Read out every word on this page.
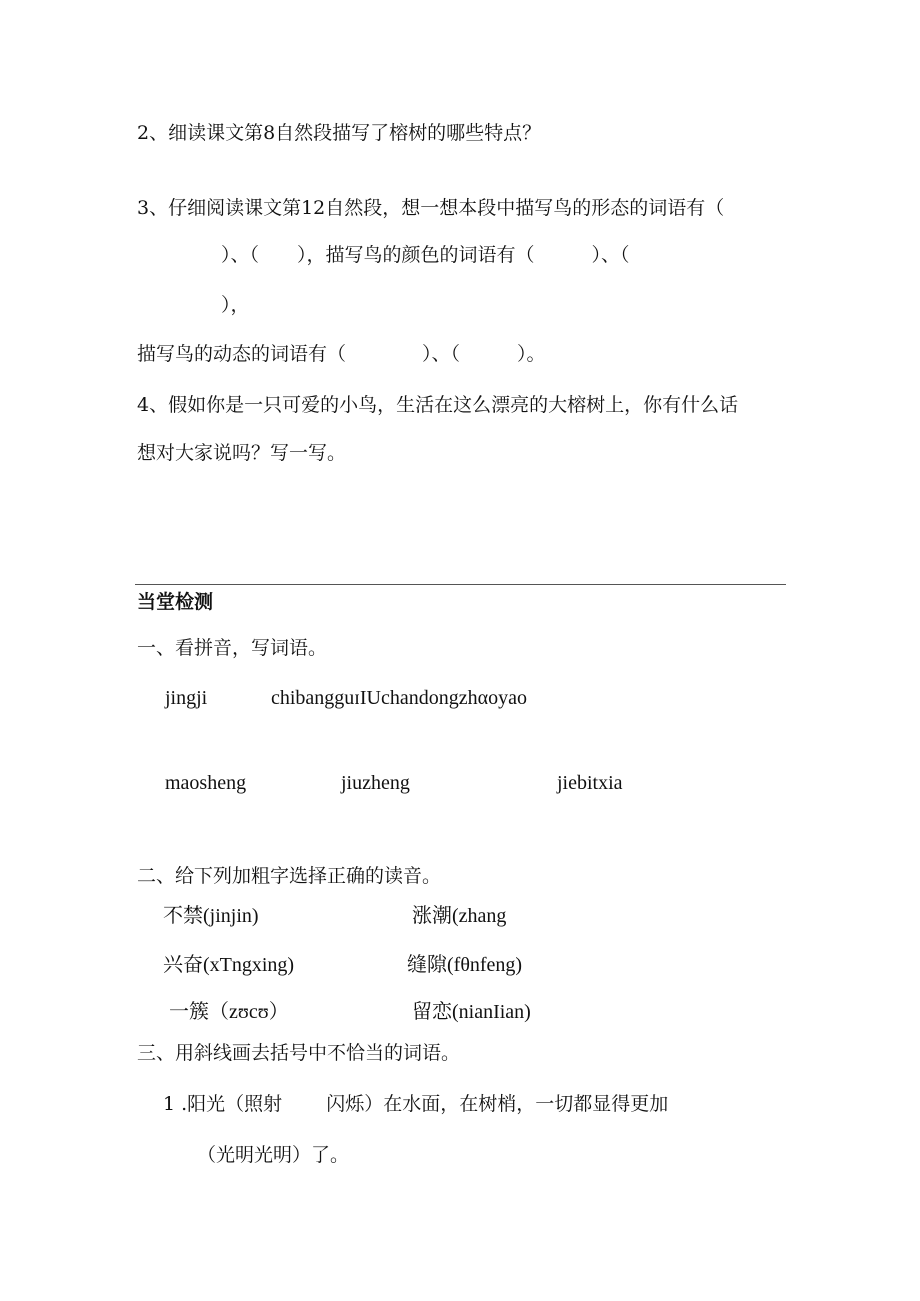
2、细读课文第8自然段描写了榕树的哪些特点？
3、仔细阅读课文第12自然段，想一想本段中描写鸟的形态的词语有（
）、（　　），描写鸟的颜色的词语有（　　　）、（
），
描写鸟的动态的词语有（　　　　）、（　　　）。
4、假如你是一只可爱的小鸟，生活在这么漂亮的大榕树上，你有什么话
想对大家说吗？写一写。
当堂检测
一、看拼音，写词语。
jingji	chibangguɪIUchandongzhαoyao
maosheng	jiuzheng	jiebitxia
二、给下列加粗字选择正确的读音。
不禁(jinjin)	涨潮(zhang
兴奋(xTngxing)	缝隙(fθnfeng)
一簇（zʊcʊ）	留恋(nianIian)
三、用斜线画去括号中不恰当的词语。
1 .阳光（照射　　 闪烁）在水面，在树梢，一切都显得更加
（光明光明）了。
